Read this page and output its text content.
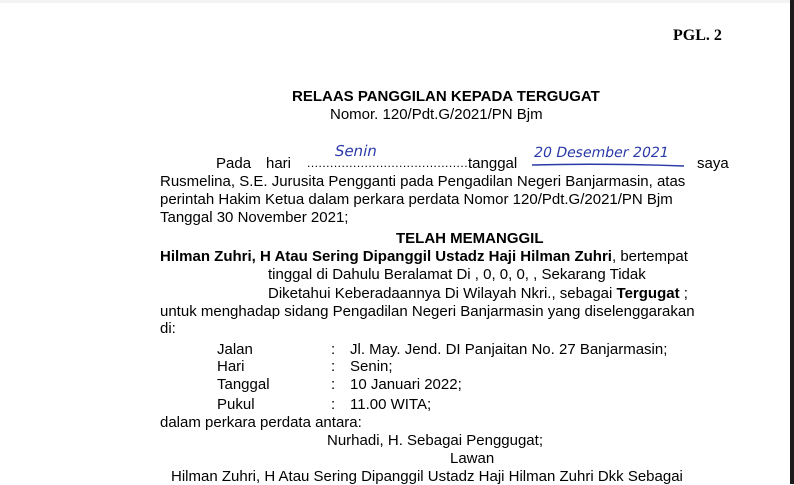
PGL. 2
RELAAS PANGGILAN KEPADA TERGUGAT
Nomor. 120/Pdt.G/2021/PN Bjm
Pada hari ...........................................
Senin
tanggal
20 Desember 2021
saya
Rusmelina, S.E. Jurusita Pengganti pada Pengadilan Negeri Banjarmasin, atas
perintah Hakim Ketua dalam perkara perdata Nomor 120/Pdt.G/2021/PN Bjm
Tanggal 30 November 2021;
TELAH MEMANGGIL
Hilman Zuhri, H Atau Sering Dipanggil Ustadz Haji Hilman Zuhri, bertempat
tinggal di Dahulu Beralamat Di , 0, 0, 0, , Sekarang Tidak
Diketahui Keberadaannya Di Wilayah Nkri., sebagai Tergugat ;
untuk menghadap sidang Pengadilan Negeri Banjarmasin yang diselenggarakan
di:
Jalan	: Jl. May. Jend. DI Panjaitan No. 27 Banjarmasin;
Hari	: Senin;
Tanggal	: 10 Januari 2022;
Pukul	: 11.00 WITA;
dalam perkara perdata antara:
Nurhadi, H. Sebagai Penggugat;
Lawan
Hilman Zuhri, H Atau Sering Dipanggil Ustadz Haji Hilman Zuhri Dkk Sebagai
